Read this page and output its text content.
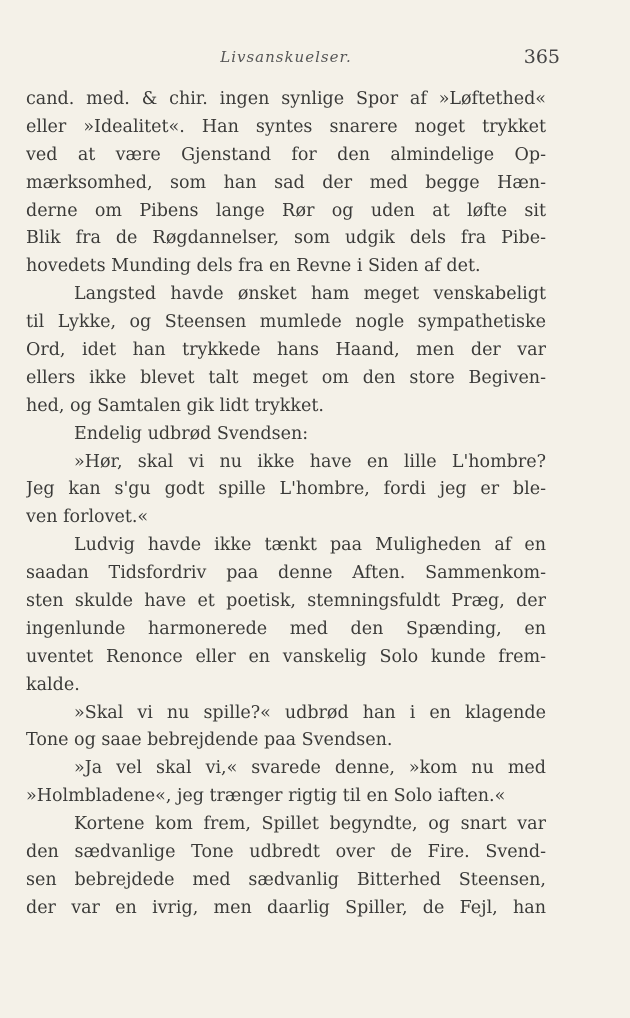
Livsanskuelser.	365
cand. med. & chir. ingen synlige Spor af »Løftethed«
eller »Idealitet«. Han syntes snarere noget trykket
ved at være Gjenstand for den almindelige Op-
mærksomhed, som han sad der med begge Hæn-
derne om Pibens lange Rør og uden at løfte sit
Blik fra de Røgdannelser, som udgik dels fra Pibe-
hovedets Munding dels fra en Revne i Siden af det.
Langsted havde ønsket ham meget venskabeligt
til Lykke, og Steensen mumlede nogle sympathetiske
Ord, idet han trykkede hans Haand, men der var
ellers ikke blevet talt meget om den store Begiven-
hed, og Samtalen gik lidt trykket.
Endelig udbrød Svendsen:
»Hør, skal vi nu ikke have en lille L'hombre?
Jeg kan s'gu godt spille L'hombre, fordi jeg er ble-
ven forlovet.«
Ludvig havde ikke tænkt paa Muligheden af en
saadan Tidsfordriv paa denne Aften. Sammenkom-
sten skulde have et poetisk, stemningsfuldt Præg, der
ingenlunde harmonerede med den Spænding, en
uventet Renonce eller en vanskelig Solo kunde frem-
kalde.
»Skal vi nu spille?« udbrød han i en klagende
Tone og saae bebrejdende paa Svendsen.
»Ja vel skal vi,« svarede denne, »kom nu med
»Holmbladene«, jeg trænger rigtig til en Solo iaften.«
Kortene kom frem, Spillet begyndte, og snart var
den sædvanlige Tone udbredt over de Fire. Svend-
sen bebrejdede med sædvanlig Bitterhed Steensen,
der var en ivrig, men daarlig Spiller, de Fejl, han
